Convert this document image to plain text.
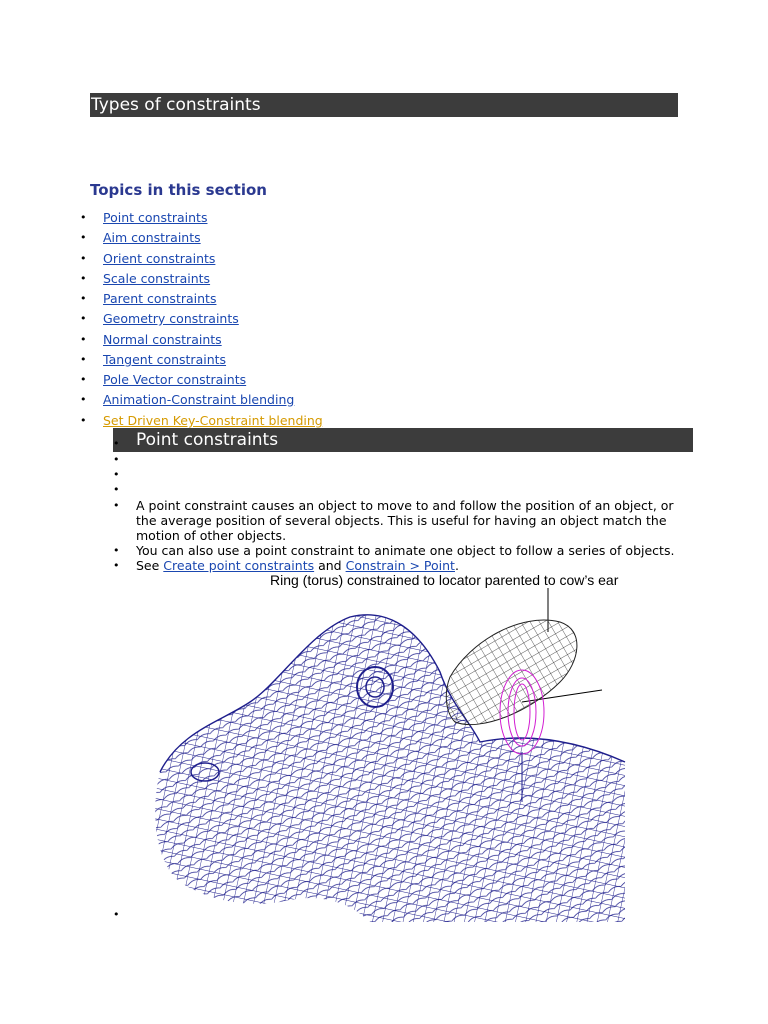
Types of constraints
Topics in this section
• Point constraints
• Aim constraints
• Orient constraints
• Scale constraints
• Parent constraints
• Geometry constraints
• Normal constraints
• Tangent constraints
• Pole Vector constraints
• Animation-Constraint blending
• Set Driven Key-Constraint blending
• Point constraints
•
•
•
• A point constraint causes an object to move to and follow the position of an object, or the average position of several objects. This is useful for having an object match the motion of other objects.
• You can also use a point constraint to animate one object to follow a series of objects.
• See Create point constraints and Constrain > Point.
Ring (torus) constrained to locator parented to cow’s ear
•
